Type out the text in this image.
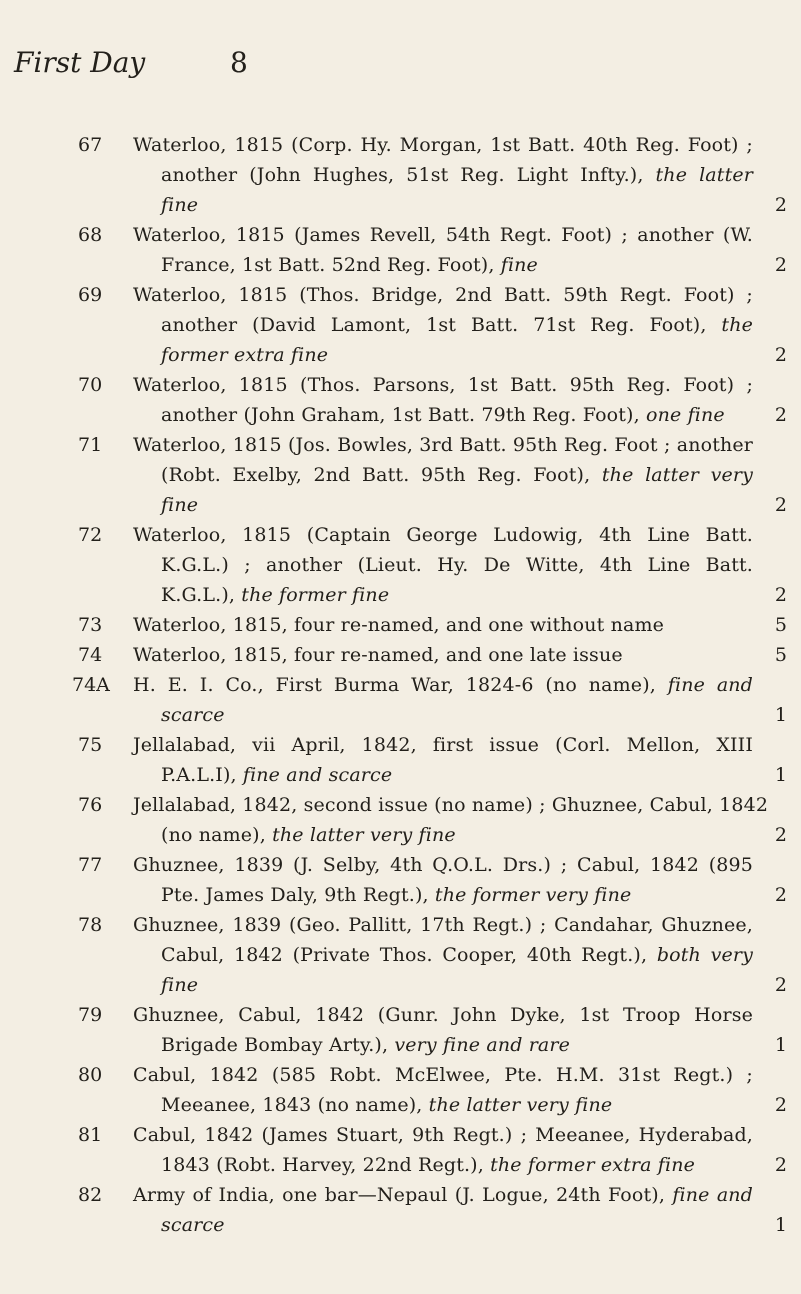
First Day	8
67	Waterloo, 1815 (Corp. Hy. Morgan, 1st Batt. 40th Reg. Foot) ;
another (John Hughes, 51st Reg. Light Infty.), the latter
fine	2
68	Waterloo, 1815 (James Revell, 54th Regt. Foot) ; another (W.
France, 1st Batt. 52nd Reg. Foot), fine	2
69	Waterloo, 1815 (Thos. Bridge, 2nd Batt. 59th Regt. Foot) ;
another (David Lamont, 1st Batt. 71st Reg. Foot), the
former extra fine	2
70	Waterloo, 1815 (Thos. Parsons, 1st Batt. 95th Reg. Foot) ;
another (John Graham, 1st Batt. 79th Reg. Foot), one fine	2
71	Waterloo, 1815 (Jos. Bowles, 3rd Batt. 95th Reg. Foot ; another
(Robt. Exelby, 2nd Batt. 95th Reg. Foot), the latter very
fine	2
72	Waterloo, 1815 (Captain George Ludowig, 4th Line Batt.
K.G.L.) ; another (Lieut. Hy. De Witte, 4th Line Batt.
K.G.L.), the former fine	2
73	Waterloo, 1815, four re-named, and one without name	5
74	Waterloo, 1815, four re-named, and one late issue	5
74A	H. E. I. Co., First Burma War, 1824-6 (no name), fine and
scarce	1
75	Jellalabad, vii April, 1842, first issue (Corl. Mellon, XIII
P.A.L.I), fine and scarce	1
76	Jellalabad, 1842, second issue (no name) ; Ghuznee, Cabul, 1842
(no name), the latter very fine	2
77	Ghuznee, 1839 (J. Selby, 4th Q.O.L. Drs.) ; Cabul, 1842 (895
Pte. James Daly, 9th Regt.), the former very fine	2
78	Ghuznee, 1839 (Geo. Pallitt, 17th Regt.) ; Candahar, Ghuznee,
Cabul, 1842 (Private Thos. Cooper, 40th Regt.), both very
fine	2
79	Ghuznee, Cabul, 1842 (Gunr. John Dyke, 1st Troop Horse
Brigade Bombay Arty.), very fine and rare	1
80	Cabul, 1842 (585 Robt. McElwee, Pte. H.M. 31st Regt.) ;
Meeanee, 1843 (no name), the latter very fine	2
81	Cabul, 1842 (James Stuart, 9th Regt.) ; Meeanee, Hyderabad,
1843 (Robt. Harvey, 22nd Regt.), the former extra fine	2
82	Army of India, one bar—Nepaul (J. Logue, 24th Foot), fine and
scarce	1
